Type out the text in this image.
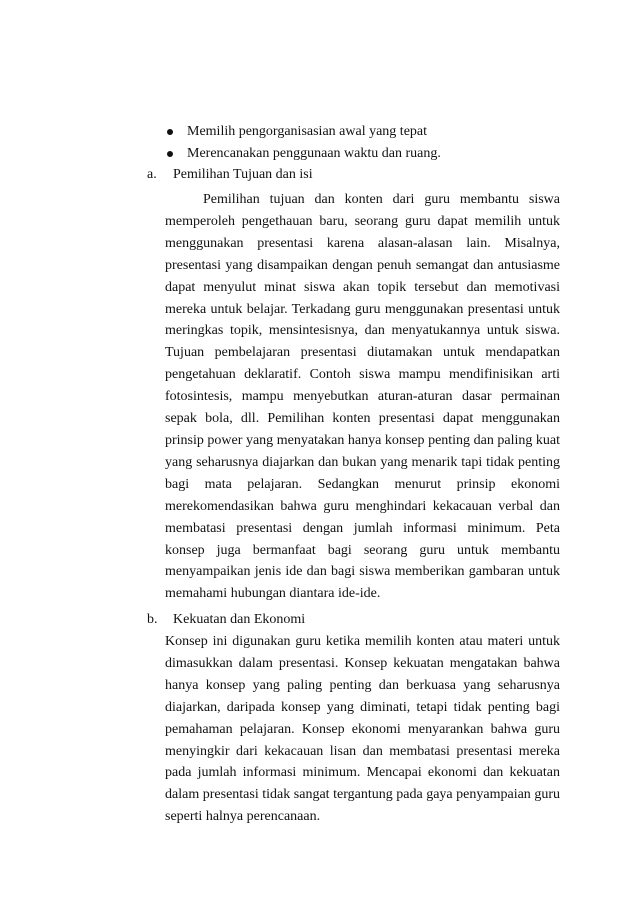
Memilih pengorganisasian awal yang tepat
Merencanakan penggunaan waktu dan ruang.
a. Pemilihan Tujuan dan isi

Pemilihan tujuan dan konten dari guru membantu siswa memperoleh pengethauan baru, seorang guru dapat memilih untuk menggunakan presentasi karena alasan-alasan lain. Misalnya, presentasi yang disampaikan dengan penuh semangat dan antusiasme dapat menyulut minat siswa akan topik tersebut dan memotivasi mereka untuk belajar. Terkadang guru menggunakan presentasi untuk meringkas topik, mensintesisnya, dan menyatukannya untuk siswa. Tujuan pembelajaran presentasi diutamakan untuk mendapatkan pengetahuan deklaratif. Contoh siswa mampu mendifinisikan arti fotosintesis, mampu menyebutkan aturan-aturan dasar permainan sepak bola, dll. Pemilihan konten presentasi dapat menggunakan prinsip power yang menyatakan hanya konsep penting dan paling kuat yang seharusnya diajarkan dan bukan yang menarik tapi tidak penting bagi mata pelajaran. Sedangkan menurut prinsip ekonomi merekomendasikan bahwa guru menghindari kekacauan verbal dan membatasi presentasi dengan jumlah informasi minimum. Peta konsep juga bermanfaat bagi seorang guru untuk membantu menyampaikan jenis ide dan bagi siswa memberikan gambaran untuk memahami hubungan diantara ide-ide.

b. Kekuatan dan Ekonomi

Konsep ini digunakan guru ketika memilih konten atau materi untuk dimasukkan dalam presentasi. Konsep kekuatan mengatakan bahwa hanya konsep yang paling penting dan berkuasa yang seharusnya diajarkan, daripada konsep yang diminati, tetapi tidak penting bagi pemahaman pelajaran. Konsep ekonomi menyarankan bahwa guru menyingkir dari kekacauan lisan dan membatasi presentasi mereka pada jumlah informasi minimum. Mencapai ekonomi dan kekuatan dalam presentasi tidak sangat tergantung pada gaya penyampaian guru seperti halnya perencanaan.
